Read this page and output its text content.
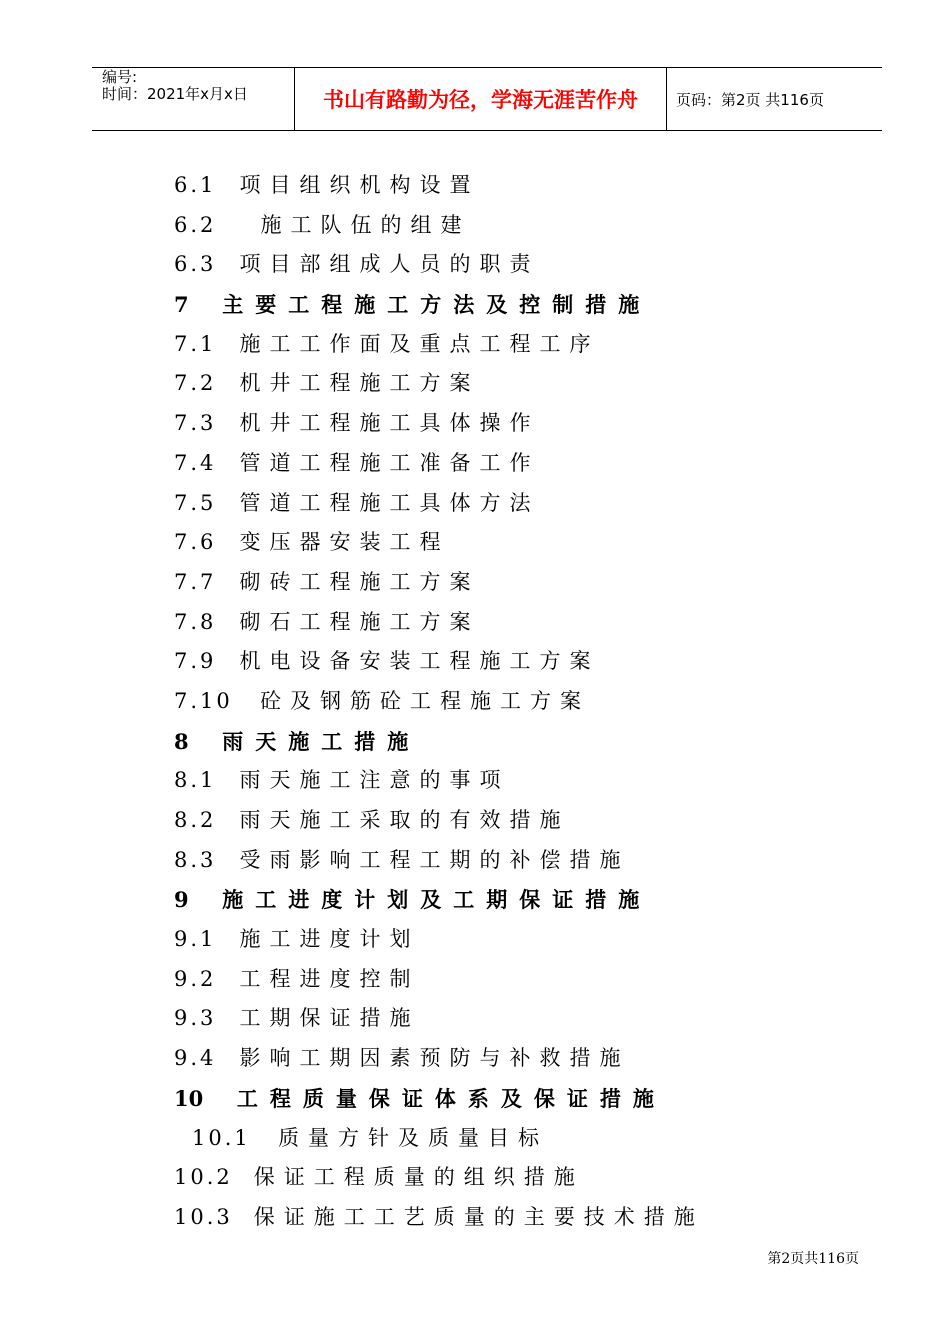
编号:
时间：2021年x月x日	书山有路勤为径，学海无涯苦作舟	页码：第2页 共116页
6.1 项目组织机构设置
6.2 施工队伍的组建
6.3 项目部组成人员的职责
7 主要工程施工方法及控制措施
7.1 施工工作面及重点工程工序
7.2 机井工程施工方案
7.3 机井工程施工具体操作
7.4 管道工程施工准备工作
7.5 管道工程施工具体方法
7.6 变压器安装工程
7.7 砌砖工程施工方案
7.8 砌石工程施工方案
7.9 机电设备安装工程施工方案
7.10 砼及钢筋砼工程施工方案
8 雨天施工措施
8.1 雨天施工注意的事项
8.2 雨天施工采取的有效措施
8.3 受雨影响工程工期的补偿措施
9 施工进度计划及工期保证措施
9.1 施工进度计划
9.2 工程进度控制
9.3 工期保证措施
9.4 影响工期因素预防与补救措施
10 工程质量保证体系及保证措施
10.1 质量方针及质量目标
10.2 保证工程质量的组织措施
10.3 保证施工工艺质量的主要技术措施
第2页共116页
